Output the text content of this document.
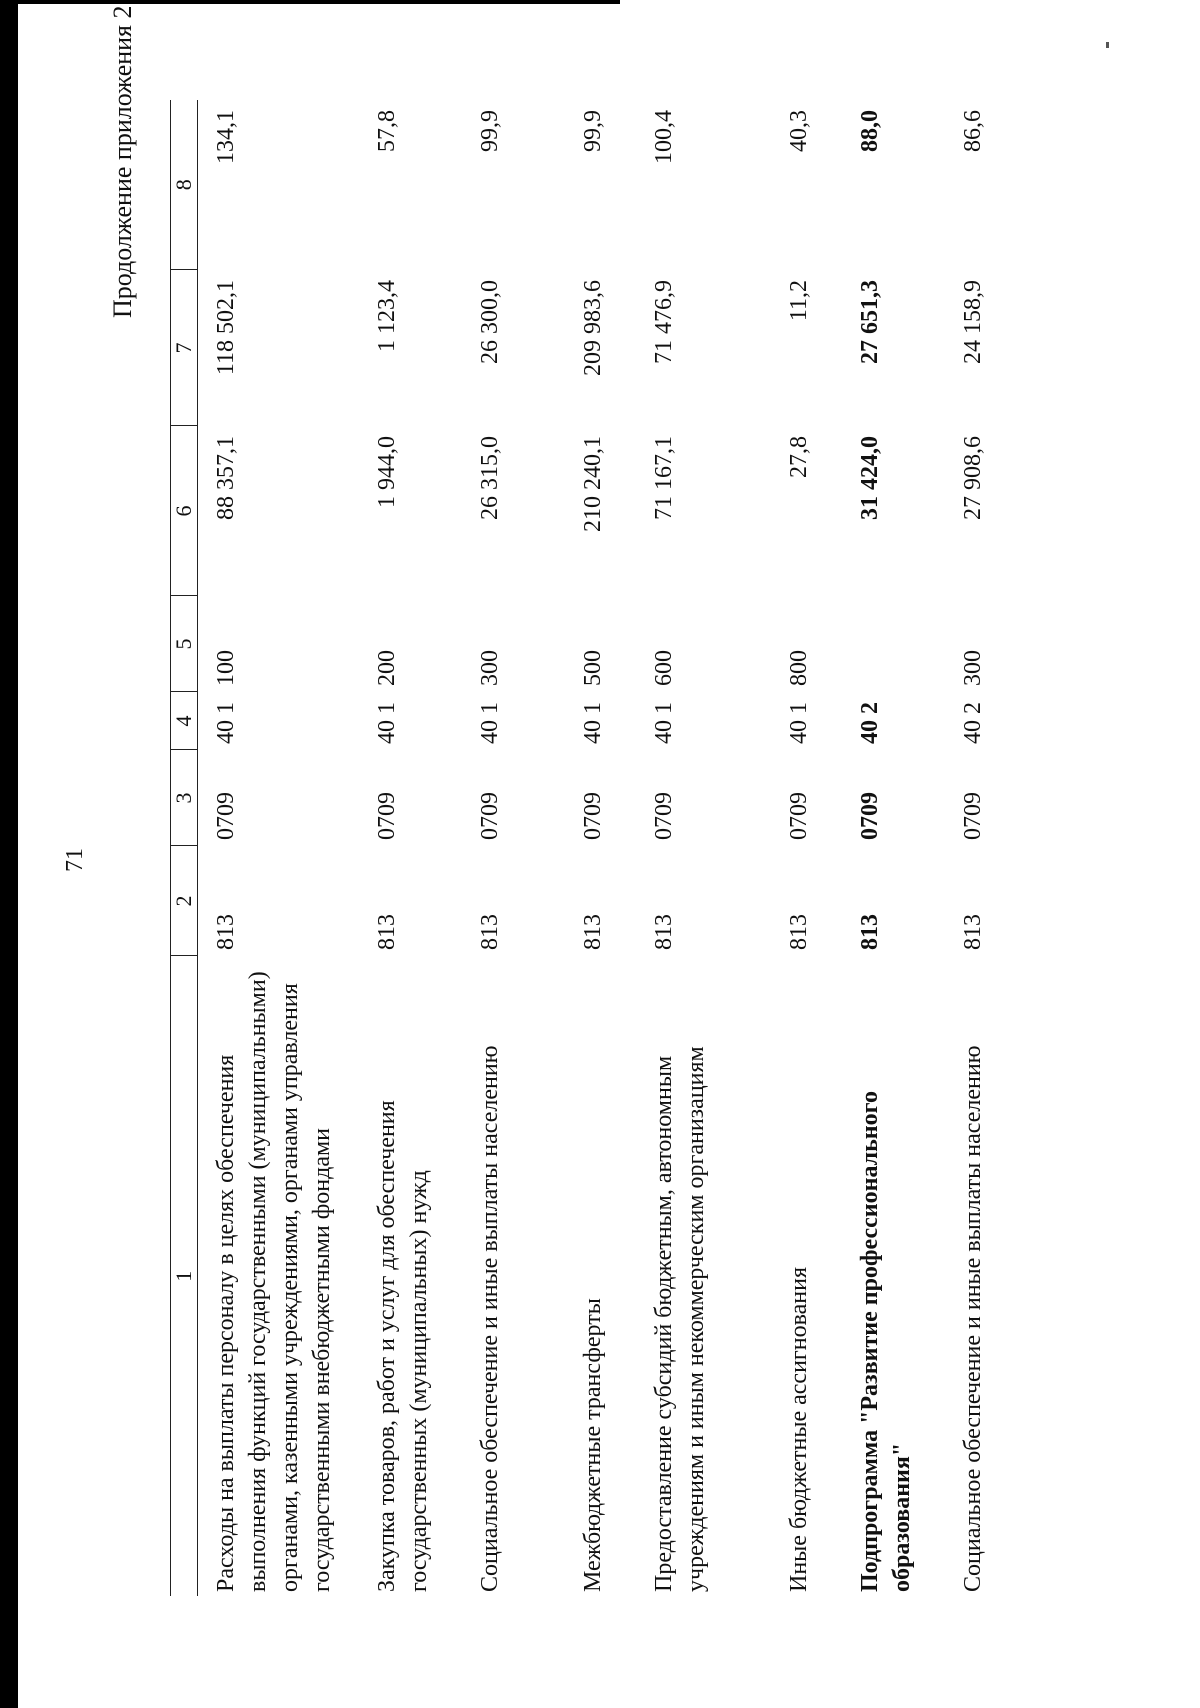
71
Продолжение приложения 2
1	2	3	4	5	6	7	8
Расходы на выплаты персоналу в целях обеспечения выполнения функций государственными (муниципальными) органами, казенными учреждениями, органами управления государственными внебюджетными фондами	813	0709	40 1	100	88 357,1	118 502,1	134,1
Закупка товаров, работ и услуг для обеспечения государственных (муниципальных) нужд	813	0709	40 1	200	1 944,0	1 123,4	57,8
Социальное обеспечение и иные выплаты населению	813	0709	40 1	300	26 315,0	26 300,0	99,9
Межбюджетные трансферты	813	0709	40 1	500	210 240,1	209 983,6	99,9
Предоставление субсидий бюджетным, автономным учреждениям и иным некоммерческим организациям	813	0709	40 1	600	71 167,1	71 476,9	100,4
Иные бюджетные ассигнования	813	0709	40 1	800	27,8	11,2	40,3
Подпрограмма "Развитие профессионального образования"	813	0709	40 2		31 424,0	27 651,3	88,0
Социальное обеспечение и иные выплаты населению	813	0709	40 2	300	27 908,6	24 158,9	86,6
